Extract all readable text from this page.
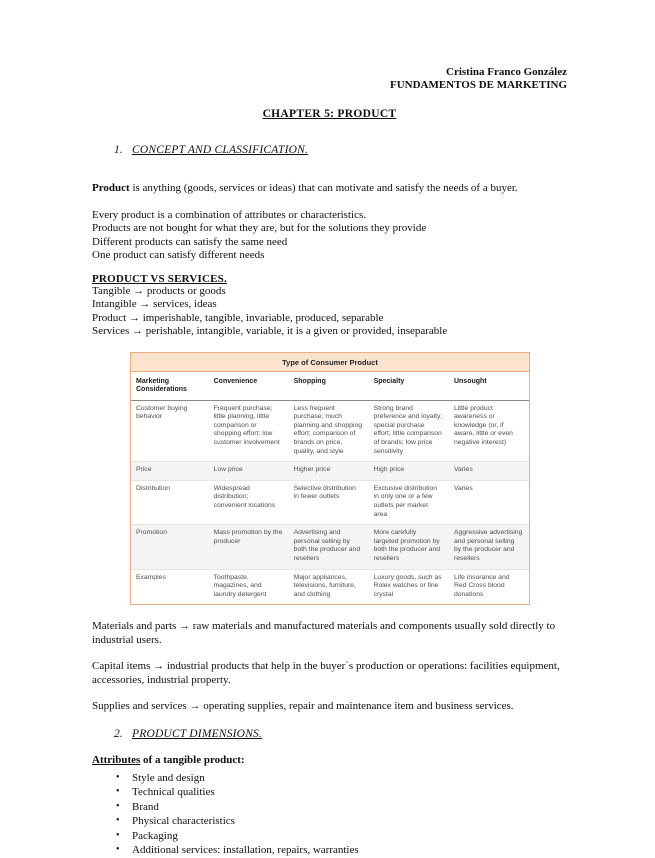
Cristina Franco González
FUNDAMENTOS DE MARKETING
CHAPTER 5: PRODUCT
1. CONCEPT AND CLASSIFICATION.

Product is anything (goods, services or ideas) that can motivate and satisfy the needs of a buyer.

Every product is a combination of attributes or characteristics.
Products are not bought for what they are, but for the solutions they provide
Different products can satisfy the same need
One product can satisfy different needs
PRODUCT VS SERVICES.
Tangible → products or goods
Intangible → services, ideas
Product → imperishable, tangible, invariable, produced, separable
Services → perishable, intangible, variable, it is a given or provided, inseparable
Type of Consumer Product
Marketing Considerations	Convenience	Shopping	Specialty	Unsought
Customer buying behavior	Frequent purchase; little planning, little comparison or shopping effort; low customer involvement	Less frequent purchase; much planning and shopping effort; comparison of brands on price, quality, and style	Strong brand preference and loyalty; special purchase effort; little comparison of brands; low price sensitivity	Little product awareness or knowledge (or, if aware, little or even negative interest)
Price	Low price	Higher price	High price	Varies
Distribution	Widespread distribution; convenient locations	Selective distribution in fewer outlets	Exclusive distribution in only one or a few outlets per market area	Varies
Promotion	Mass promotion by the producer	Advertising and personal selling by both the producer and resellers	More carefully targeted promotion by both the producer and resellers	Aggressive advertising and personal selling by the producer and resellers
Examples	Toothpaste, magazines, and laundry detergent	Major appliances, televisions, furniture, and clothing	Luxury goods, such as Rolex watches or fine crystal	Life insurance and Red Cross blood donations

Materials and parts → raw materials and manufactured materials and components usually sold directly to industrial users.

Capital items → industrial products that help in the buyer´s production or operations: facilities equipment, accessories, industrial property.

Supplies and services → operating supplies, repair and maintenance item and business services.

2. PRODUCT DIMENSIONS.
Attributes of a tangible product:
• Style and design
• Technical qualities
• Brand
• Physical characteristics
• Packaging
• Additional services: installation, repairs, warranties
